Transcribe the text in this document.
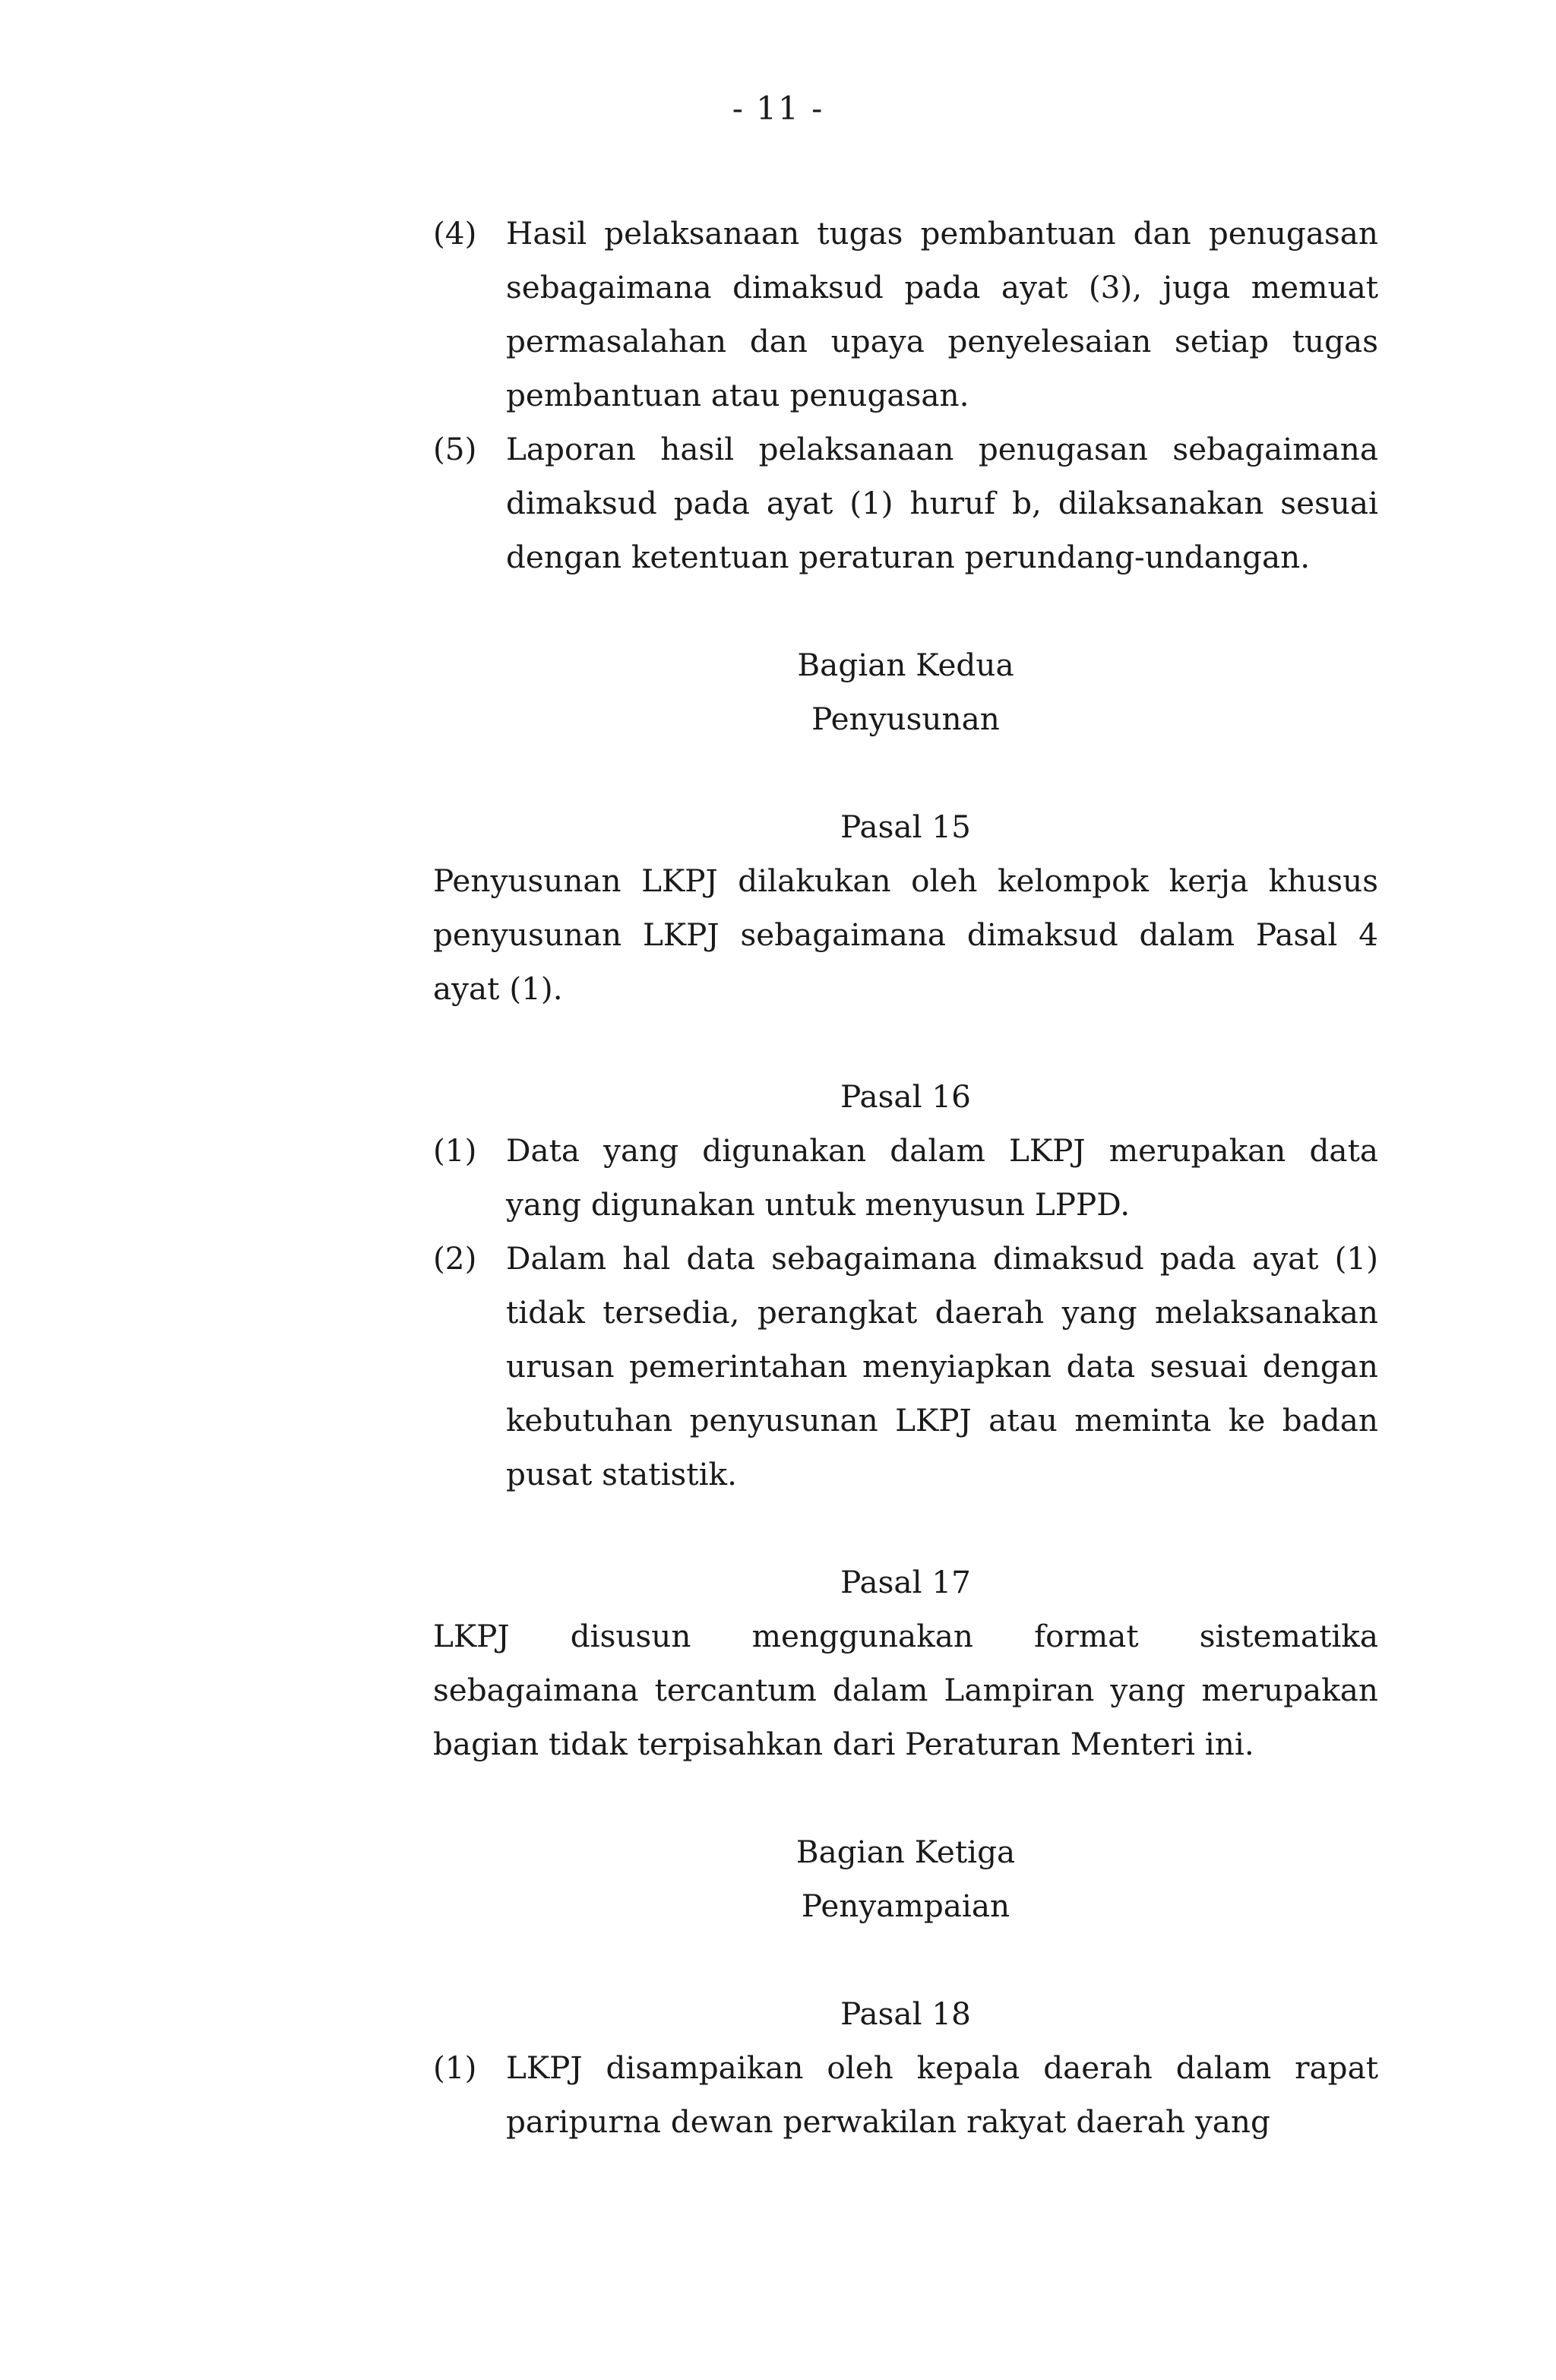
- 11 -
(4) Hasil pelaksanaan tugas pembantuan dan penugasan sebagaimana dimaksud pada ayat (3), juga memuat permasalahan dan upaya penyelesaian setiap tugas pembantuan atau penugasan.
(5) Laporan hasil pelaksanaan penugasan sebagaimana dimaksud pada ayat (1) huruf b, dilaksanakan sesuai dengan ketentuan peraturan perundang-undangan.

Bagian Kedua

Penyusunan

Pasal 15

Penyusunan LKPJ dilakukan oleh kelompok kerja khusus penyusunan LKPJ sebagaimana dimaksud dalam Pasal 4 ayat (1).

Pasal 16

(1) Data yang digunakan dalam LKPJ merupakan data yang digunakan untuk menyusun LPPD.
(2) Dalam hal data sebagaimana dimaksud pada ayat (1) tidak tersedia, perangkat daerah yang melaksanakan urusan pemerintahan menyiapkan data sesuai dengan kebutuhan penyusunan LKPJ atau meminta ke badan pusat statistik.

Pasal 17

LKPJ disusun menggunakan format sistematika sebagaimana tercantum dalam Lampiran yang merupakan bagian tidak terpisahkan dari Peraturan Menteri ini.

Bagian Ketiga

Penyampaian

Pasal 18

(1) LKPJ disampaikan oleh kepala daerah dalam rapat paripurna dewan perwakilan rakyat daerah yang
